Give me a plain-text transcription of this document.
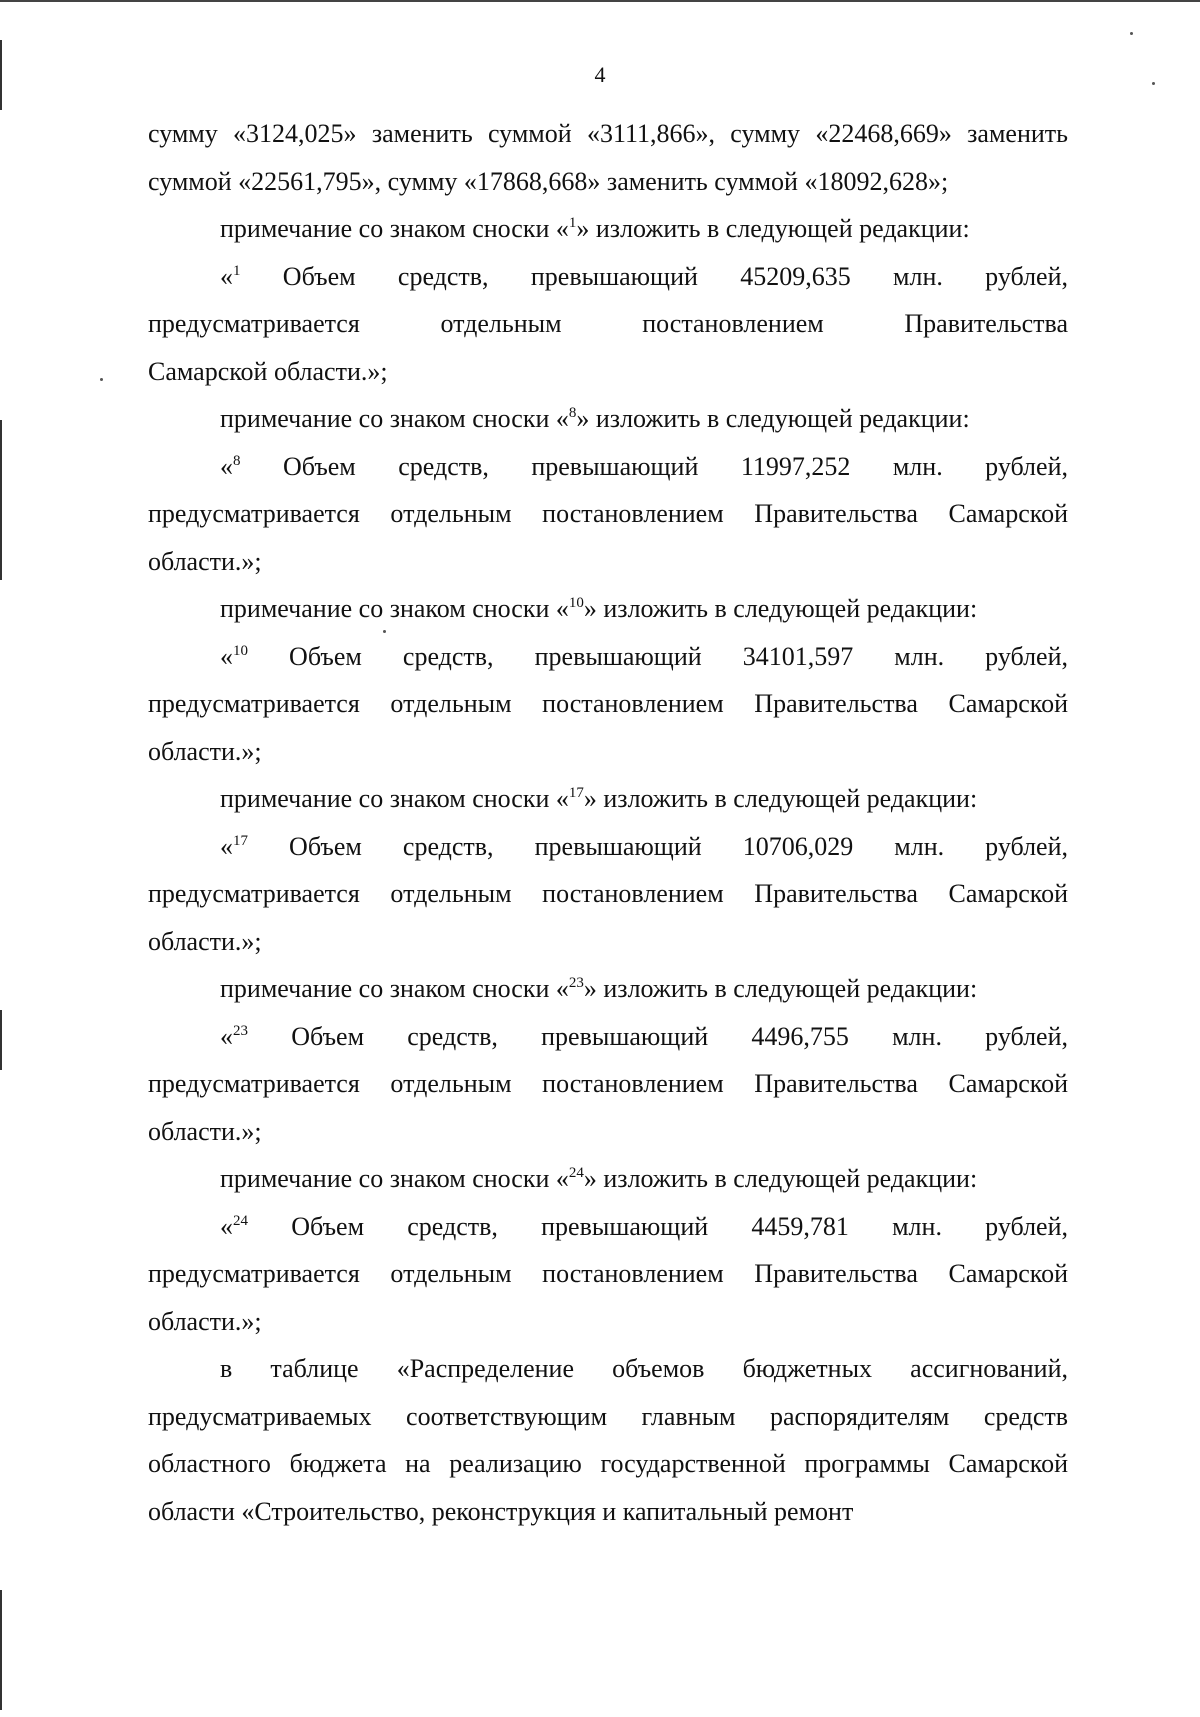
4

сумму «3124,025» заменить суммой «3111,866», сумму «22468,669» заменить суммой «22561,795», сумму «17868,668» заменить суммой «18092,628»;

примечание со знаком сноски «$^1$» изложить в следующей редакции:

«$^1$ Объем средств, превышающий 45209,635 млн. рублей,

предусматривается отдельным постановлением Правительства

Самарской области.»;

примечание со знаком сноски «$^8$» изложить в следующей редакции:

«$^8$ Объем средств, превышающий 11997,252 млн. рублей,

предусматривается отдельным постановлением Правительства Самарской

области.»;

примечание со знаком сноски «$^{10}$» изложить в следующей редакции:

«$^{10}$ Объем средств, превышающий 34101,597 млн. рублей,

предусматривается отдельным постановлением Правительства Самарской

области.»;

примечание со знаком сноски «$^{17}$» изложить в следующей редакции:

«$^{17}$ Объем средств, превышающий 10706,029 млн. рублей,

предусматривается отдельным постановлением Правительства Самарской

области.»;

примечание со знаком сноски «$^{23}$» изложить в следующей редакции:

«$^{23}$ Объем средств, превышающий 4496,755 млн. рублей,

предусматривается отдельным постановлением Правительства Самарской

области.»;

примечание со знаком сноски «$^{24}$» изложить в следующей редакции:

«$^{24}$ Объем средств, превышающий 4459,781 млн. рублей,

предусматривается отдельным постановлением Правительства Самарской

области.»;

в таблице «Распределение объемов бюджетных ассигнований, предусматриваемых соответствующим главным распорядителям средств областного бюджета на реализацию государственной программы Самарской области «Строительство, реконструкция и капитальный ремонт
